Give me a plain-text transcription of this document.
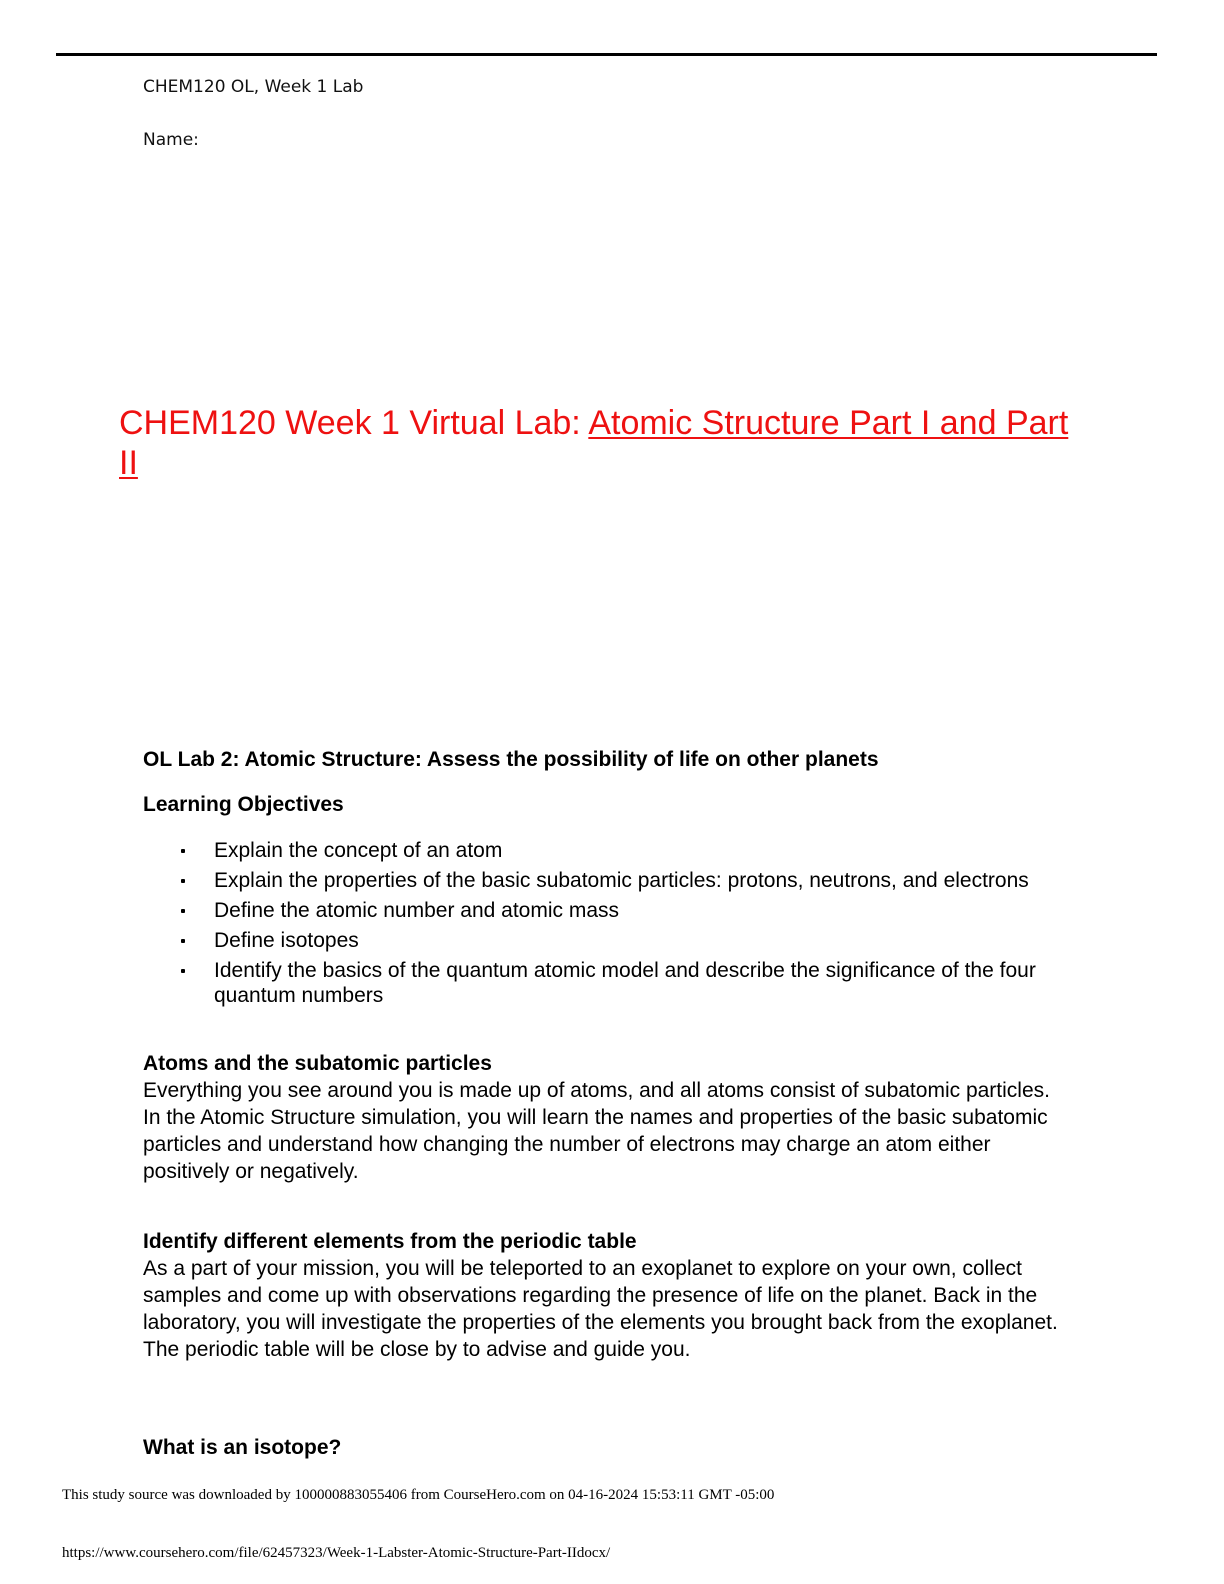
CHEM120 OL, Week 1 Lab
Name:
CHEM120 Week 1 Virtual Lab: Atomic Structure Part I and Part II

OL Lab 2: Atomic Structure: Assess the possibility of life on other planets

Learning Objectives

Explain the concept of an atom
Explain the properties of the basic subatomic particles: protons, neutrons, and electrons
Define the atomic number and atomic mass
Define isotopes
Identify the basics of the quantum atomic model and describe the significance of the four quantum numbers

Atoms and the subatomic particles

Everything you see around you is made up of atoms, and all atoms consist of subatomic particles. In the Atomic Structure simulation, you will learn the names and properties of the basic subatomic particles and understand how changing the number of electrons may charge an atom either positively or negatively.

Identify different elements from the periodic table

As a part of your mission, you will be teleported to an exoplanet to explore on your own, collect samples and come up with observations regarding the presence of life on the planet. Back in the laboratory, you will investigate the properties of the elements you brought back from the exoplanet. The periodic table will be close by to advise and guide you.

What is an isotope?

This study source was downloaded by 100000883055406 from CourseHero.com on 04-16-2024 15:53:11 GMT -05:00
https://www.coursehero.com/file/62457323/Week-1-Labster-Atomic-Structure-Part-IIdocx/
